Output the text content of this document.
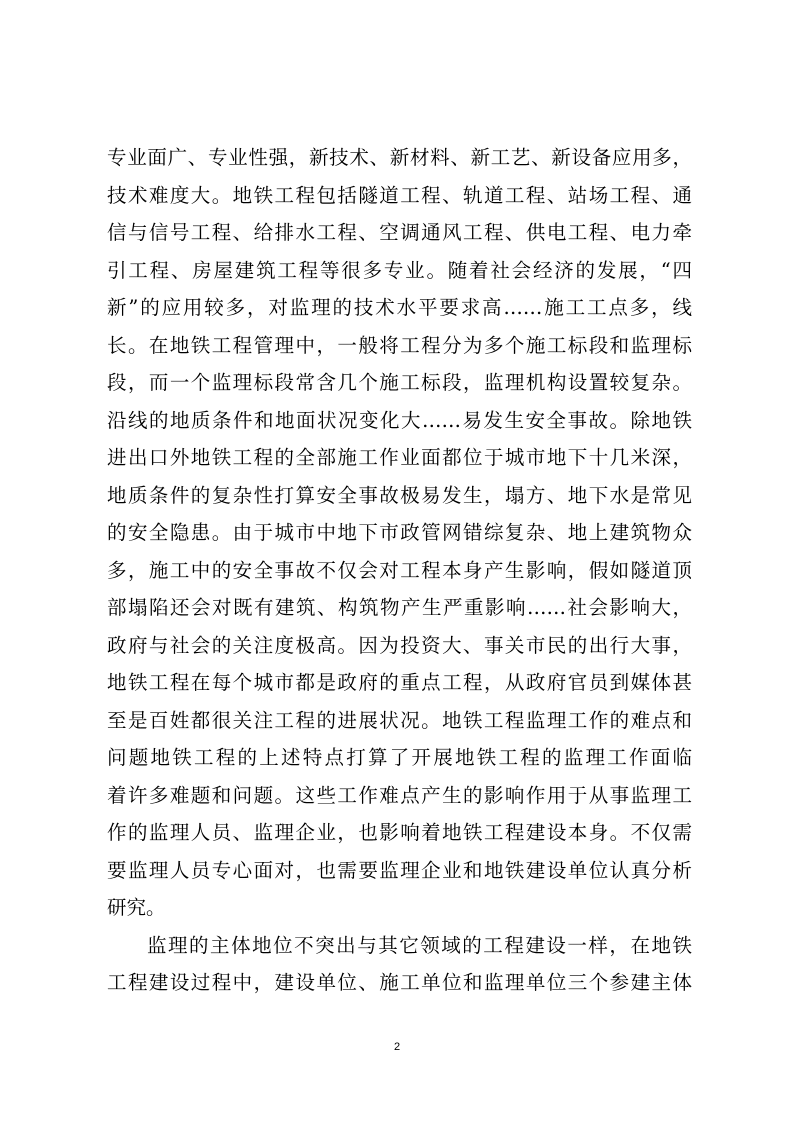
专业面广、专业性强，新技术、新材料、新工艺、新设备应用多，
技术难度大。地铁工程包括隧道工程、轨道工程、站场工程、通
信与信号工程、给排水工程、空调通风工程、供电工程、电力牵
引工程、房屋建筑工程等很多专业。随着社会经济的发展，“四
新”的应用较多，对监理的技术水平要求高……施工工点多，线
长。在地铁工程管理中，一般将工程分为多个施工标段和监理标
段，而一个监理标段常含几个施工标段，监理机构设置较复杂。
沿线的地质条件和地面状况变化大……易发生安全事故。除地铁
进出口外地铁工程的全部施工作业面都位于城市地下十几米深，
地质条件的复杂性打算安全事故极易发生，塌方、地下水是常见
的安全隐患。由于城市中地下市政管网错综复杂、地上建筑物众
多，施工中的安全事故不仅会对工程本身产生影响，假如隧道顶
部塌陷还会对既有建筑、构筑物产生严重影响……社会影响大，
政府与社会的关注度极高。因为投资大、事关市民的出行大事，
地铁工程在每个城市都是政府的重点工程，从政府官员到媒体甚
至是百姓都很关注工程的进展状况。地铁工程监理工作的难点和
问题地铁工程的上述特点打算了开展地铁工程的监理工作面临
着许多难题和问题。这些工作难点产生的影响作用于从事监理工
作的监理人员、监理企业，也影响着地铁工程建设本身。不仅需
要监理人员专心面对，也需要监理企业和地铁建设单位认真分析
研究。
监理的主体地位不突出与其它领域的工程建设一样，在地铁
工程建设过程中，建设单位、施工单位和监理单位三个参建主体
2
